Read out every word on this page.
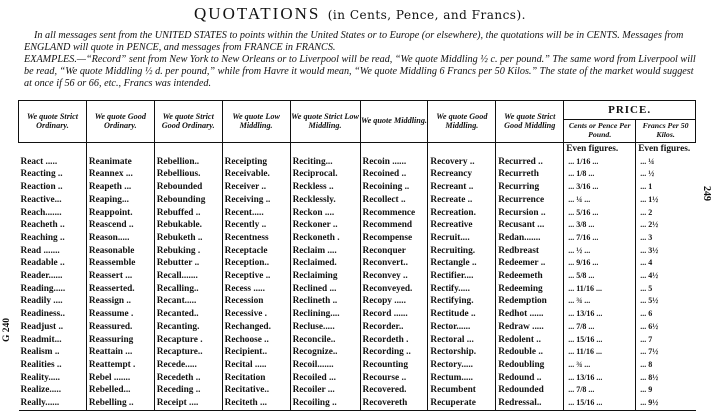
QUOTATIONS (in Cents, Pence, and Francs).
In all messages sent from the UNITED STATES to points within the United States or to Europe (or elsewhere), the quotations will be in CENTS. Messages from ENGLAND will quote in PENCE, and messages from FRANCE in FRANCS.
EXAMPLES.—“Record” sent from New York to New Orleans or to Liverpool will be read, “We quote Middling ½ c. per pound.” The same word from Liverpool will be read, “We quote Middling ½ d. per pound,” while from Havre it would mean, “We quote Middling 6 Francs per 50 Kilos.” The state of the market would suggest at once if 56 or 66, etc., Francs was intended.
G 240
249
We quote Strict Ordinary.	We quote Good Ordinary.	We quote Strict Good Ordinary.	We quote Low Middling.	We quote Strict Low Middling.	We quote Middling.	We quote Good Middling.	We quote Strict Good Middling	PRICE.	
								Cents or Pence Per Pound.	Francs Per 50 Kilos.
								Even figures.	Even figures.
React .....	Reanimate	Rebellion..	Receipting	Reciting...	Recoin ......	Recovery ..	Recurred ..	... 1/16 ...	... ¼
Reacting ..	Reannex ...	Rebellious.	Receivable.	Reciprocal.	Recoined ..	Recreancy	Recurreth	... 1/8 ...	... ½
Reaction ..	Reapeth ...	Rebounded	Receiver ..	Reckless ..	Recoining ..	Recreant ..	Recurring	... 3/16 ...	... 1
Reactive...	Reaping...	Rebounding	Receiving ..	Recklessly.	Recollect ..	Recreate ..	Recurrence	... ¼ ...	... 1½
Reach.......	Reappoint.	Rebuffed ..	Recent.....	Reckon ....	Recommence	Recreation.	Recursion ..	... 5/16 ...	... 2
Reacheth ..	Reascend ..	Rebukable.	Recently ..	Reckoner ..	Recommend	Recreative	Recusant ...	... 3/8 ...	... 2½
Reaching ..	Reason.....	Rebuketh ..	Recentness	Reckoneth .	Recompense	Recruit....	Redan.......	... 7/16 ...	... 3
Read .......	Reasonable	Rebuking .	Receptacle	Reclaim ....	Reconquer	Recruiting.	Redbreast	... ½ ...	... 3½
Readable ..	Reassemble	Rebutter ..	Reception..	Reclaimed.	Reconvert..	Rectangle ..	Redeemer ..	... 9/16 ...	... 4
Reader......	Reassert ...	Recall.......	Receptive ..	Reclaiming	Reconvey ..	Rectifier....	Redeemeth	... 5/8 ...	... 4½
Reading.....	Reasserted.	Recalling..	Recess .....	Reclined ...	Reconveyed.	Rectify.....	Redeeming	... 11/16 ...	... 5
Readily ....	Reassign ..	Recant.....	Recession	Reclineth ..	Recopy .....	Rectifying.	Redemption	... ¾ ...	... 5½
Readiness..	Reassume .	Recanted..	Recessive .	Reclining....	Record ......	Rectitude ..	Redhot ......	... 13/16 ...	... 6
Readjust ..	Reassured.	Recanting.	Rechanged.	Recluse.....	Recorder..	Rector......	Redraw .....	... 7/8 ...	... 6½
Readmit...	Reassuring	Recapture .	Rechoose ..	Reconcile..	Recordeth .	Rectoral ...	Redolent ..	... 15/16 ...	... 7
Realism ..	Reattain ...	Recapture..	Recipient..	Recognize..	Recording ..	Rectorship.	Redouble ..	... 11/16 ...	... 7½
Realities ..	Reattempt .	Recede.....	Recital .....	Recoil.......	Recounting	Rectory.....	Redoubling	... ¾ ...	... 8
Reality.....	Rebel .......	Recedeth ..	Recitation	Recoiled ...	Recourse ..	Rectum.....	Redound ..	... 13/16 ...	... 8½
Realize.....	Rebelled...	Receding ..	Recitative..	Recoiler ...	Recovered.	Recumbent	Redounded	... 7/8 ...	... 9
Really......	Rebelling ..	Receipt ....	Reciteth ...	Recoiling ..	Recovereth	Recuperate	Redressal..	... 15/16 ...	... 9½
